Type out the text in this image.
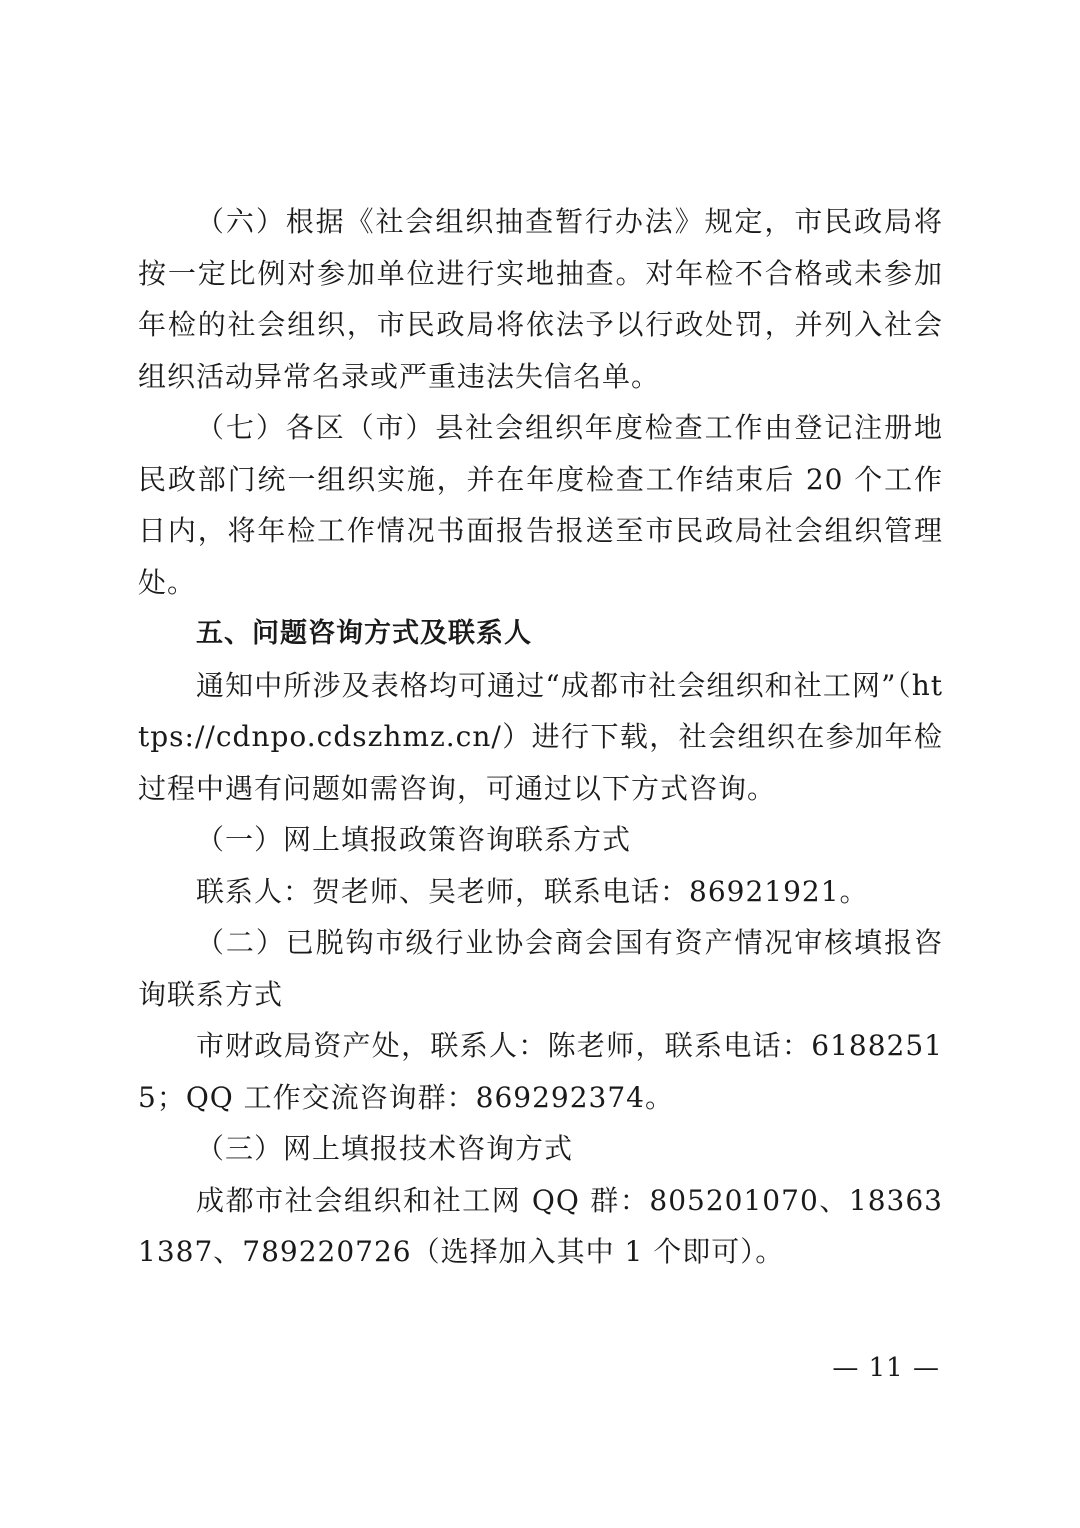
（六）根据《社会组织抽查暂行办法》规定，市民政局将按一定比例对参加单位进行实地抽查。对年检不合格或未参加年检的社会组织，市民政局将依法予以行政处罚，并列入社会组织活动异常名录或严重违法失信名单。

（七）各区（市）县社会组织年度检查工作由登记注册地民政部门统一组织实施，并在年度检查工作结束后 20 个工作日内，将年检工作情况书面报告报送至市民政局社会组织管理处。

五、问题咨询方式及联系人

通知中所涉及表格均可通过“成都市社会组织和社工网”（https://cdnpo.cdszhmz.cn/）进行下载，社会组织在参加年检过程中遇有问题如需咨询，可通过以下方式咨询。

（一）网上填报政策咨询联系方式

联系人：贺老师、吴老师，联系电话：86921921。

（二）已脱钩市级行业协会商会国有资产情况审核填报咨询联系方式

市财政局资产处，联系人：陈老师，联系电话：61882515；QQ 工作交流咨询群：869292374。

（三）网上填报技术咨询方式

成都市社会组织和社工网 QQ 群：805201070、183631387、789220726（选择加入其中 1 个即可）。

— 11 —
